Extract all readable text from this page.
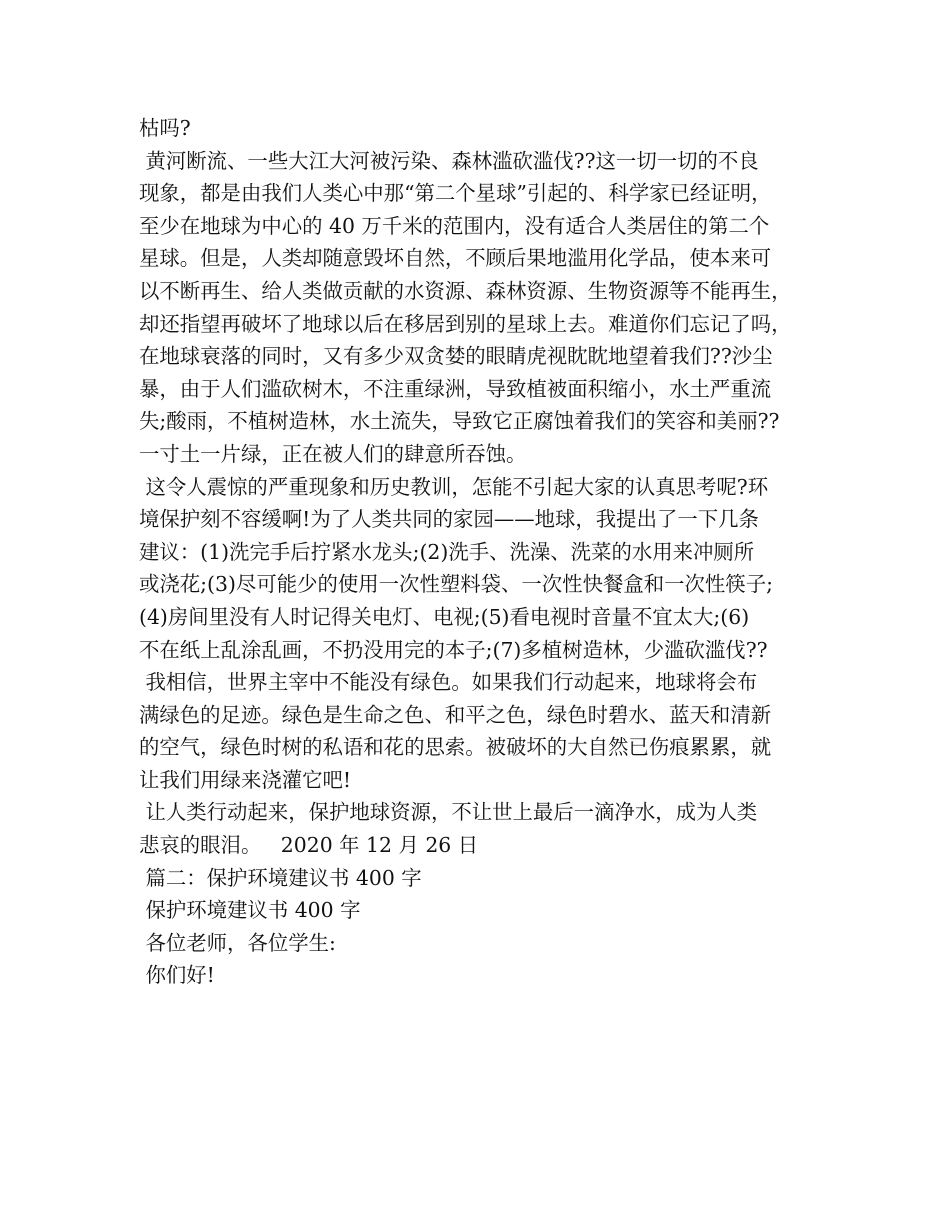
枯吗?
黄河断流、一些大江大河被污染、森林滥砍滥伐??这一切一切的不良
现象，都是由我们人类心中那“第二个星球”引起的、科学家已经证明，
至少在地球为中心的 40 万千米的范围内，没有适合人类居住的第二个
星球。但是，人类却随意毁坏自然，不顾后果地滥用化学品，使本来可
以不断再生、给人类做贡献的水资源、森林资源、生物资源等不能再生，
却还指望再破坏了地球以后在移居到别的星球上去。难道你们忘记了吗，
在地球衰落的同时，又有多少双贪婪的眼睛虎视眈眈地望着我们??沙尘
暴，由于人们滥砍树木，不注重绿洲，导致植被面积缩小，水土严重流
失;酸雨，不植树造林，水土流失，导致它正腐蚀着我们的笑容和美丽??
一寸土一片绿，正在被人们的肆意所吞蚀。
这令人震惊的严重现象和历史教训，怎能不引起大家的认真思考呢?环
境保护刻不容缓啊!为了人类共同的家园——地球，我提出了一下几条
建议：(1)洗完手后拧紧水龙头;(2)洗手、洗澡、洗菜的水用来冲厕所
或浇花;(3)尽可能少的使用一次性塑料袋、一次性快餐盒和一次性筷子;
(4)房间里没有人时记得关电灯、电视;(5)看电视时音量不宜太大;(6)
不在纸上乱涂乱画，不扔没用完的本子;(7)多植树造林，少滥砍滥伐??
我相信，世界主宰中不能没有绿色。如果我们行动起来，地球将会布
满绿色的足迹。绿色是生命之色、和平之色，绿色时碧水、蓝天和清新
的空气，绿色时树的私语和花的思索。被破坏的大自然已伤痕累累，就
让我们用绿来浇灌它吧!
让人类行动起来，保护地球资源，不让世上最后一滴净水，成为人类
悲哀的眼泪。   2020 年 12 月 26 日
篇二：保护环境建议书 400 字
保护环境建议书 400 字
各位老师，各位学生:
你们好!
